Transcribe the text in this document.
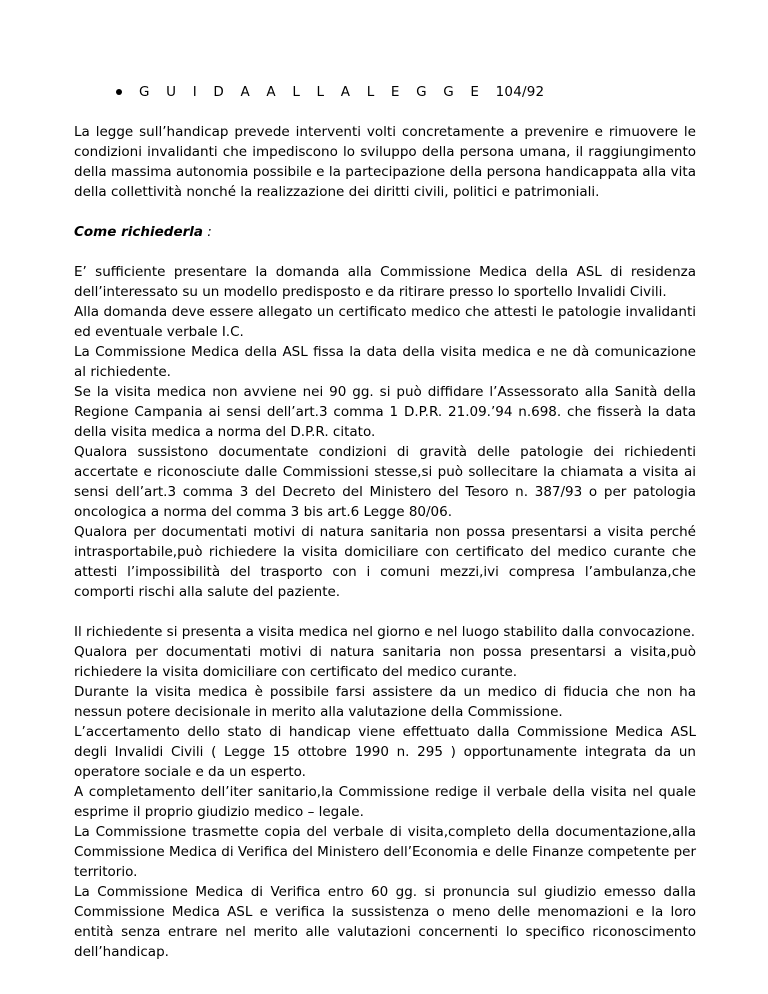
G U I D A A L L A L E G G E 104/92

La legge sull’handicap prevede interventi volti concretamente a prevenire e rimuovere le condizioni invalidanti che impediscono lo sviluppo della persona umana, il raggiungimento della massima autonomia possibile e la partecipazione della persona handicappata alla vita della collettività nonché la realizzazione dei diritti civili, politici e patrimoniali.

Come richiederla :

E’ sufficiente presentare la domanda alla Commissione Medica della ASL di residenza dell’interessato su un modello predisposto e da ritirare presso lo sportello Invalidi Civili.

Alla domanda deve essere allegato un certificato medico che attesti le patologie invalidanti ed eventuale verbale I.C.

La Commissione Medica della ASL fissa la data della visita medica e ne dà comunicazione al richiedente.

Se la visita medica non avviene nei 90 gg. si può diffidare l’Assessorato alla Sanità della Regione Campania ai sensi dell’art.3 comma 1 D.P.R. 21.09.’94 n.698. che fisserà la data della visita medica a norma del D.P.R. citato.

Qualora sussistono documentate condizioni di gravità delle patologie dei richiedenti accertate e riconosciute dalle Commissioni stesse,si può sollecitare la chiamata a visita ai sensi dell’art.3 comma 3 del Decreto del Ministero del Tesoro n. 387/93 o per patologia oncologica a norma del comma 3 bis art.6 Legge 80/06.

Qualora per documentati motivi di natura sanitaria non possa presentarsi a visita perché intrasportabile,può richiedere la visita domiciliare con certificato del medico curante che attesti l’impossibilità del trasporto con i comuni mezzi,ivi compresa l’ambulanza,che comporti rischi alla salute del paziente.

Il richiedente si presenta a visita medica nel giorno e nel luogo stabilito dalla convocazione.

Qualora per documentati motivi di natura sanitaria non possa presentarsi a visita,può richiedere la visita domiciliare con certificato del medico curante.

Durante la visita medica è possibile farsi assistere da un medico di fiducia che non ha nessun potere decisionale in merito alla valutazione della Commissione.

L’accertamento dello stato di handicap viene effettuato dalla Commissione Medica ASL degli Invalidi Civili ( Legge 15 ottobre 1990 n. 295 ) opportunamente integrata da un operatore sociale e da un esperto.

A completamento dell’iter sanitario,la Commissione redige il verbale della visita nel quale esprime il proprio giudizio medico – legale.

La Commissione trasmette copia del verbale di visita,completo della documentazione,alla Commissione Medica di Verifica del Ministero dell’Economia e delle Finanze competente per territorio.

La Commissione Medica di Verifica entro 60 gg. si pronuncia sul giudizio emesso dalla Commissione Medica ASL e verifica la sussistenza o meno delle menomazioni e la loro entità senza entrare nel merito alle valutazioni concernenti lo specifico riconoscimento dell’handicap.
